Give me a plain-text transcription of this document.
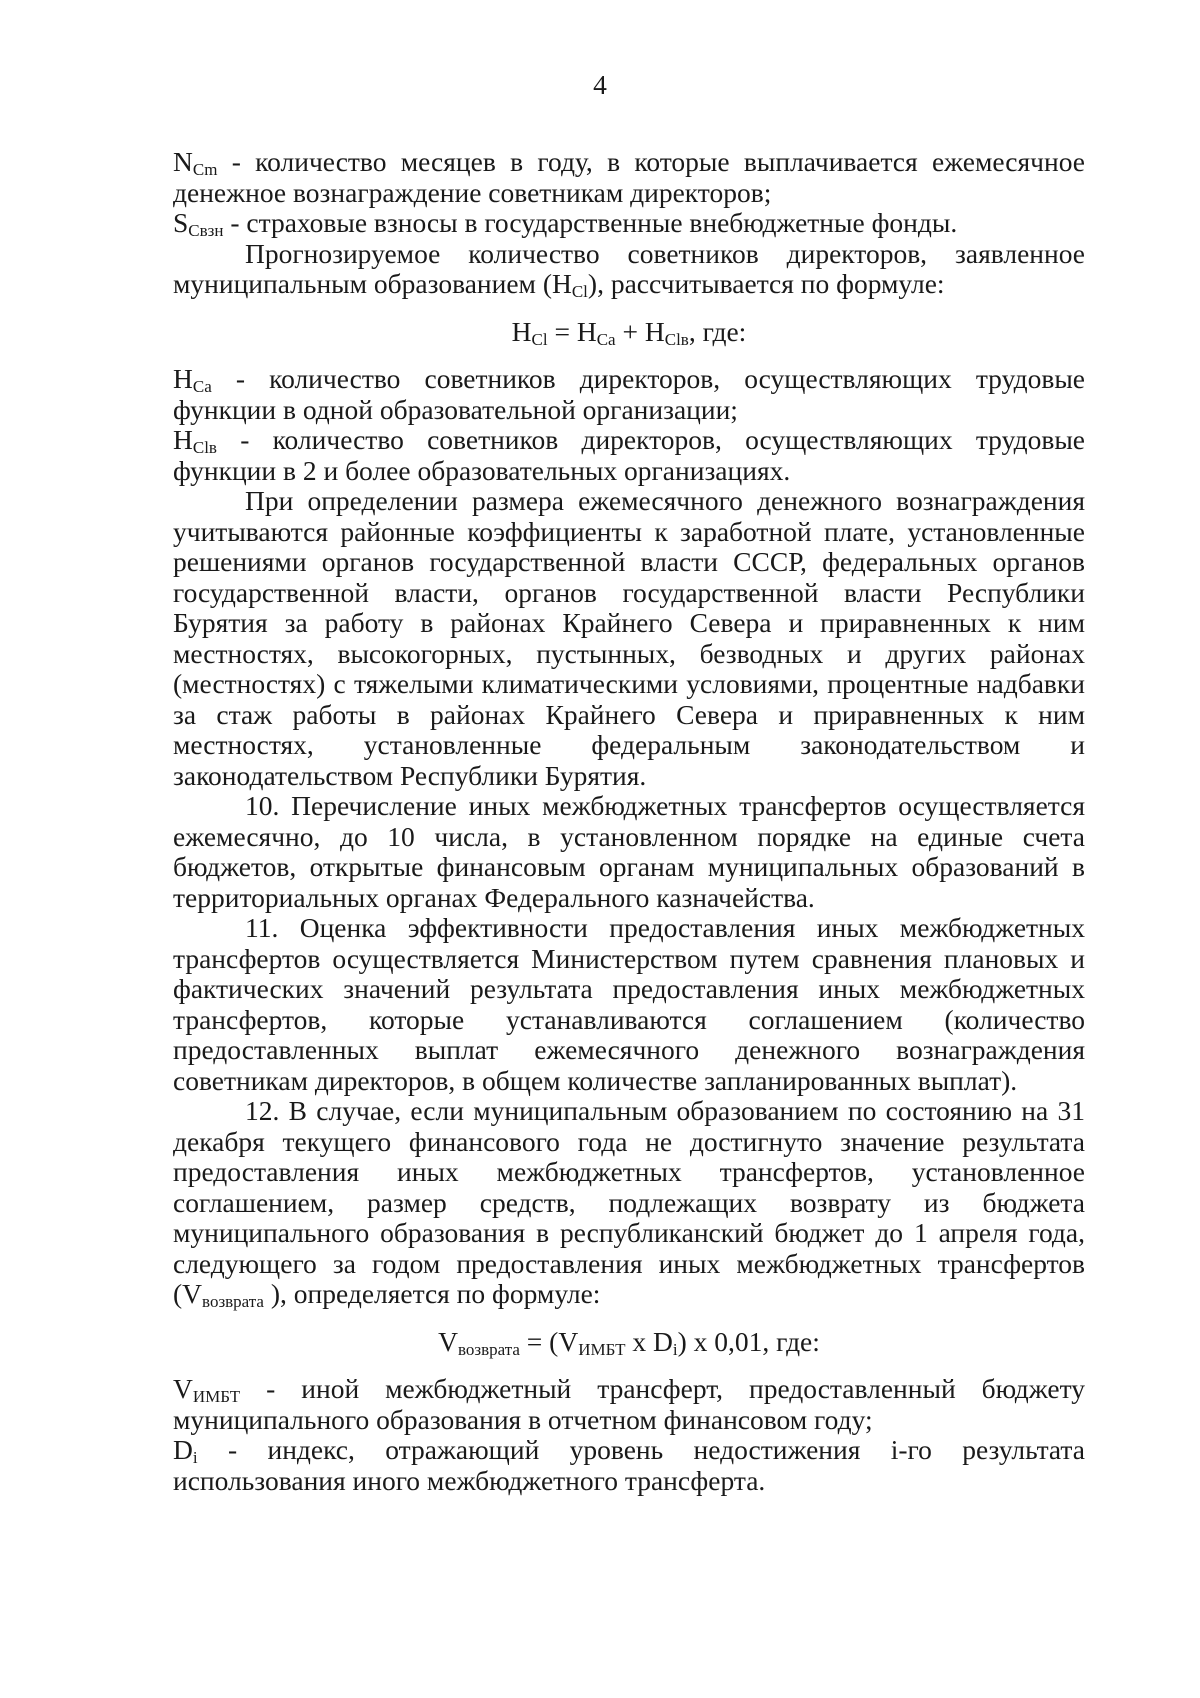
4

$N_{Cm}$ - количество месяцев в году, в которые выплачивается ежемесячное денежное вознаграждение советникам директоров;

$S_{Свзн}$ - страховые взносы в государственные внебюджетные фонды.

Прогнозируемое количество советников директоров, заявленное муниципальным образованием $(Н_{Cl})$, рассчитывается по формуле:

$Н_{Cl} = Н_{Ca} + Н_{Clв}$, где:

$Н_{Ca}$ - количество советников директоров, осуществляющих трудовые функции в одной образовательной организации;

$Н_{Clв}$ - количество советников директоров, осуществляющих трудовые функции в 2 и более образовательных организациях.

При определении размера ежемесячного денежного вознаграждения учитываются районные коэффициенты к заработной плате, установленные решениями органов государственной власти СССР, федеральных органов государственной власти, органов государственной власти Республики Бурятия за работу в районах Крайнего Севера и приравненных к ним местностях, высокогорных, пустынных, безводных и других районах (местностях) с тяжелыми климатическими условиями, процентные надбавки за стаж работы в районах Крайнего Севера и приравненных к ним местностях, установленные федеральным законодательством и законодательством Республики Бурятия.

10. Перечисление иных межбюджетных трансфертов осуществляется ежемесячно, до 10 числа, в установленном порядке на единые счета бюджетов, открытые финансовым органам муниципальных образований в территориальных органах Федерального казначейства.

11. Оценка эффективности предоставления иных межбюджетных трансфертов осуществляется Министерством путем сравнения плановых и фактических значений результата предоставления иных межбюджетных трансфертов, которые устанавливаются соглашением (количество предоставленных выплат ежемесячного денежного вознаграждения советникам директоров, в общем количестве запланированных выплат).

12. В случае, если муниципальным образованием по состоянию на 31 декабря текущего финансового года не достигнуто значение результата предоставления иных межбюджетных трансфертов, установленное соглашением, размер средств, подлежащих возврату из бюджета муниципального образования в республиканский бюджет до 1 апреля года, следующего за годом предоставления иных межбюджетных трансфертов ($V_{возврата}$ ), определяется по формуле:

$V_{возврата} = (V_{ИМБТ}$ x $D_i$) x 0,01, где:

$V_{ИМБТ}$ - иной межбюджетный трансферт, предоставленный бюджету муниципального образования в отчетном финансовом году;

$D_i$ - индекс, отражающий уровень недостижения i-го результата использования иного межбюджетного трансферта.
